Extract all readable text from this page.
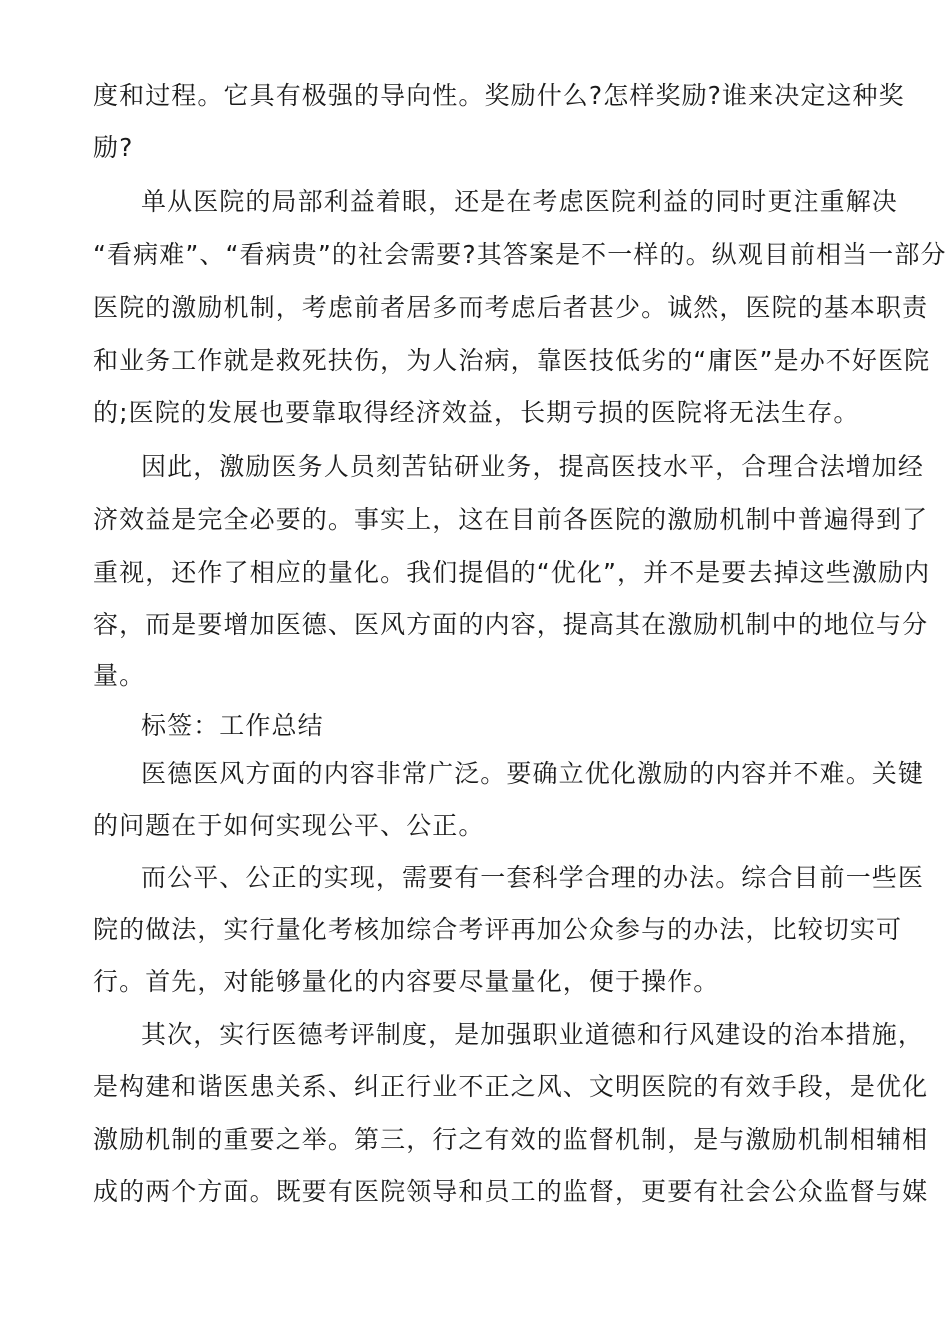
度和过程。它具有极强的导向性。奖励什么?怎样奖励?谁来决定这种奖
励?
单从医院的局部利益着眼，还是在考虑医院利益的同时更注重解决
“看病难”、“看病贵”的社会需要?其答案是不一样的。纵观目前相当一部分
医院的激励机制，考虑前者居多而考虑后者甚少。诚然，医院的基本职责
和业务工作就是救死扶伤，为人治病，靠医技低劣的“庸医”是办不好医院
的;医院的发展也要靠取得经济效益，长期亏损的医院将无法生存。
因此，激励医务人员刻苦钻研业务，提高医技水平，合理合法增加经
济效益是完全必要的。事实上，这在目前各医院的激励机制中普遍得到了
重视，还作了相应的量化。我们提倡的“优化”，并不是要去掉这些激励内
容，而是要增加医德、医风方面的内容，提高其在激励机制中的地位与分
量。
标签：工作总结
医德医风方面的内容非常广泛。要确立优化激励的内容并不难。关键
的问题在于如何实现公平、公正。
而公平、公正的实现，需要有一套科学合理的办法。综合目前一些医
院的做法，实行量化考核加综合考评再加公众参与的办法，比较切实可
行。首先，对能够量化的内容要尽量量化，便于操作。
其次，实行医德考评制度，是加强职业道德和行风建设的治本措施，
是构建和谐医患关系、纠正行业不正之风、文明医院的有效手段，是优化
激励机制的重要之举。第三，行之有效的监督机制，是与激励机制相辅相
成的两个方面。既要有医院领导和员工的监督，更要有社会公众监督与媒
